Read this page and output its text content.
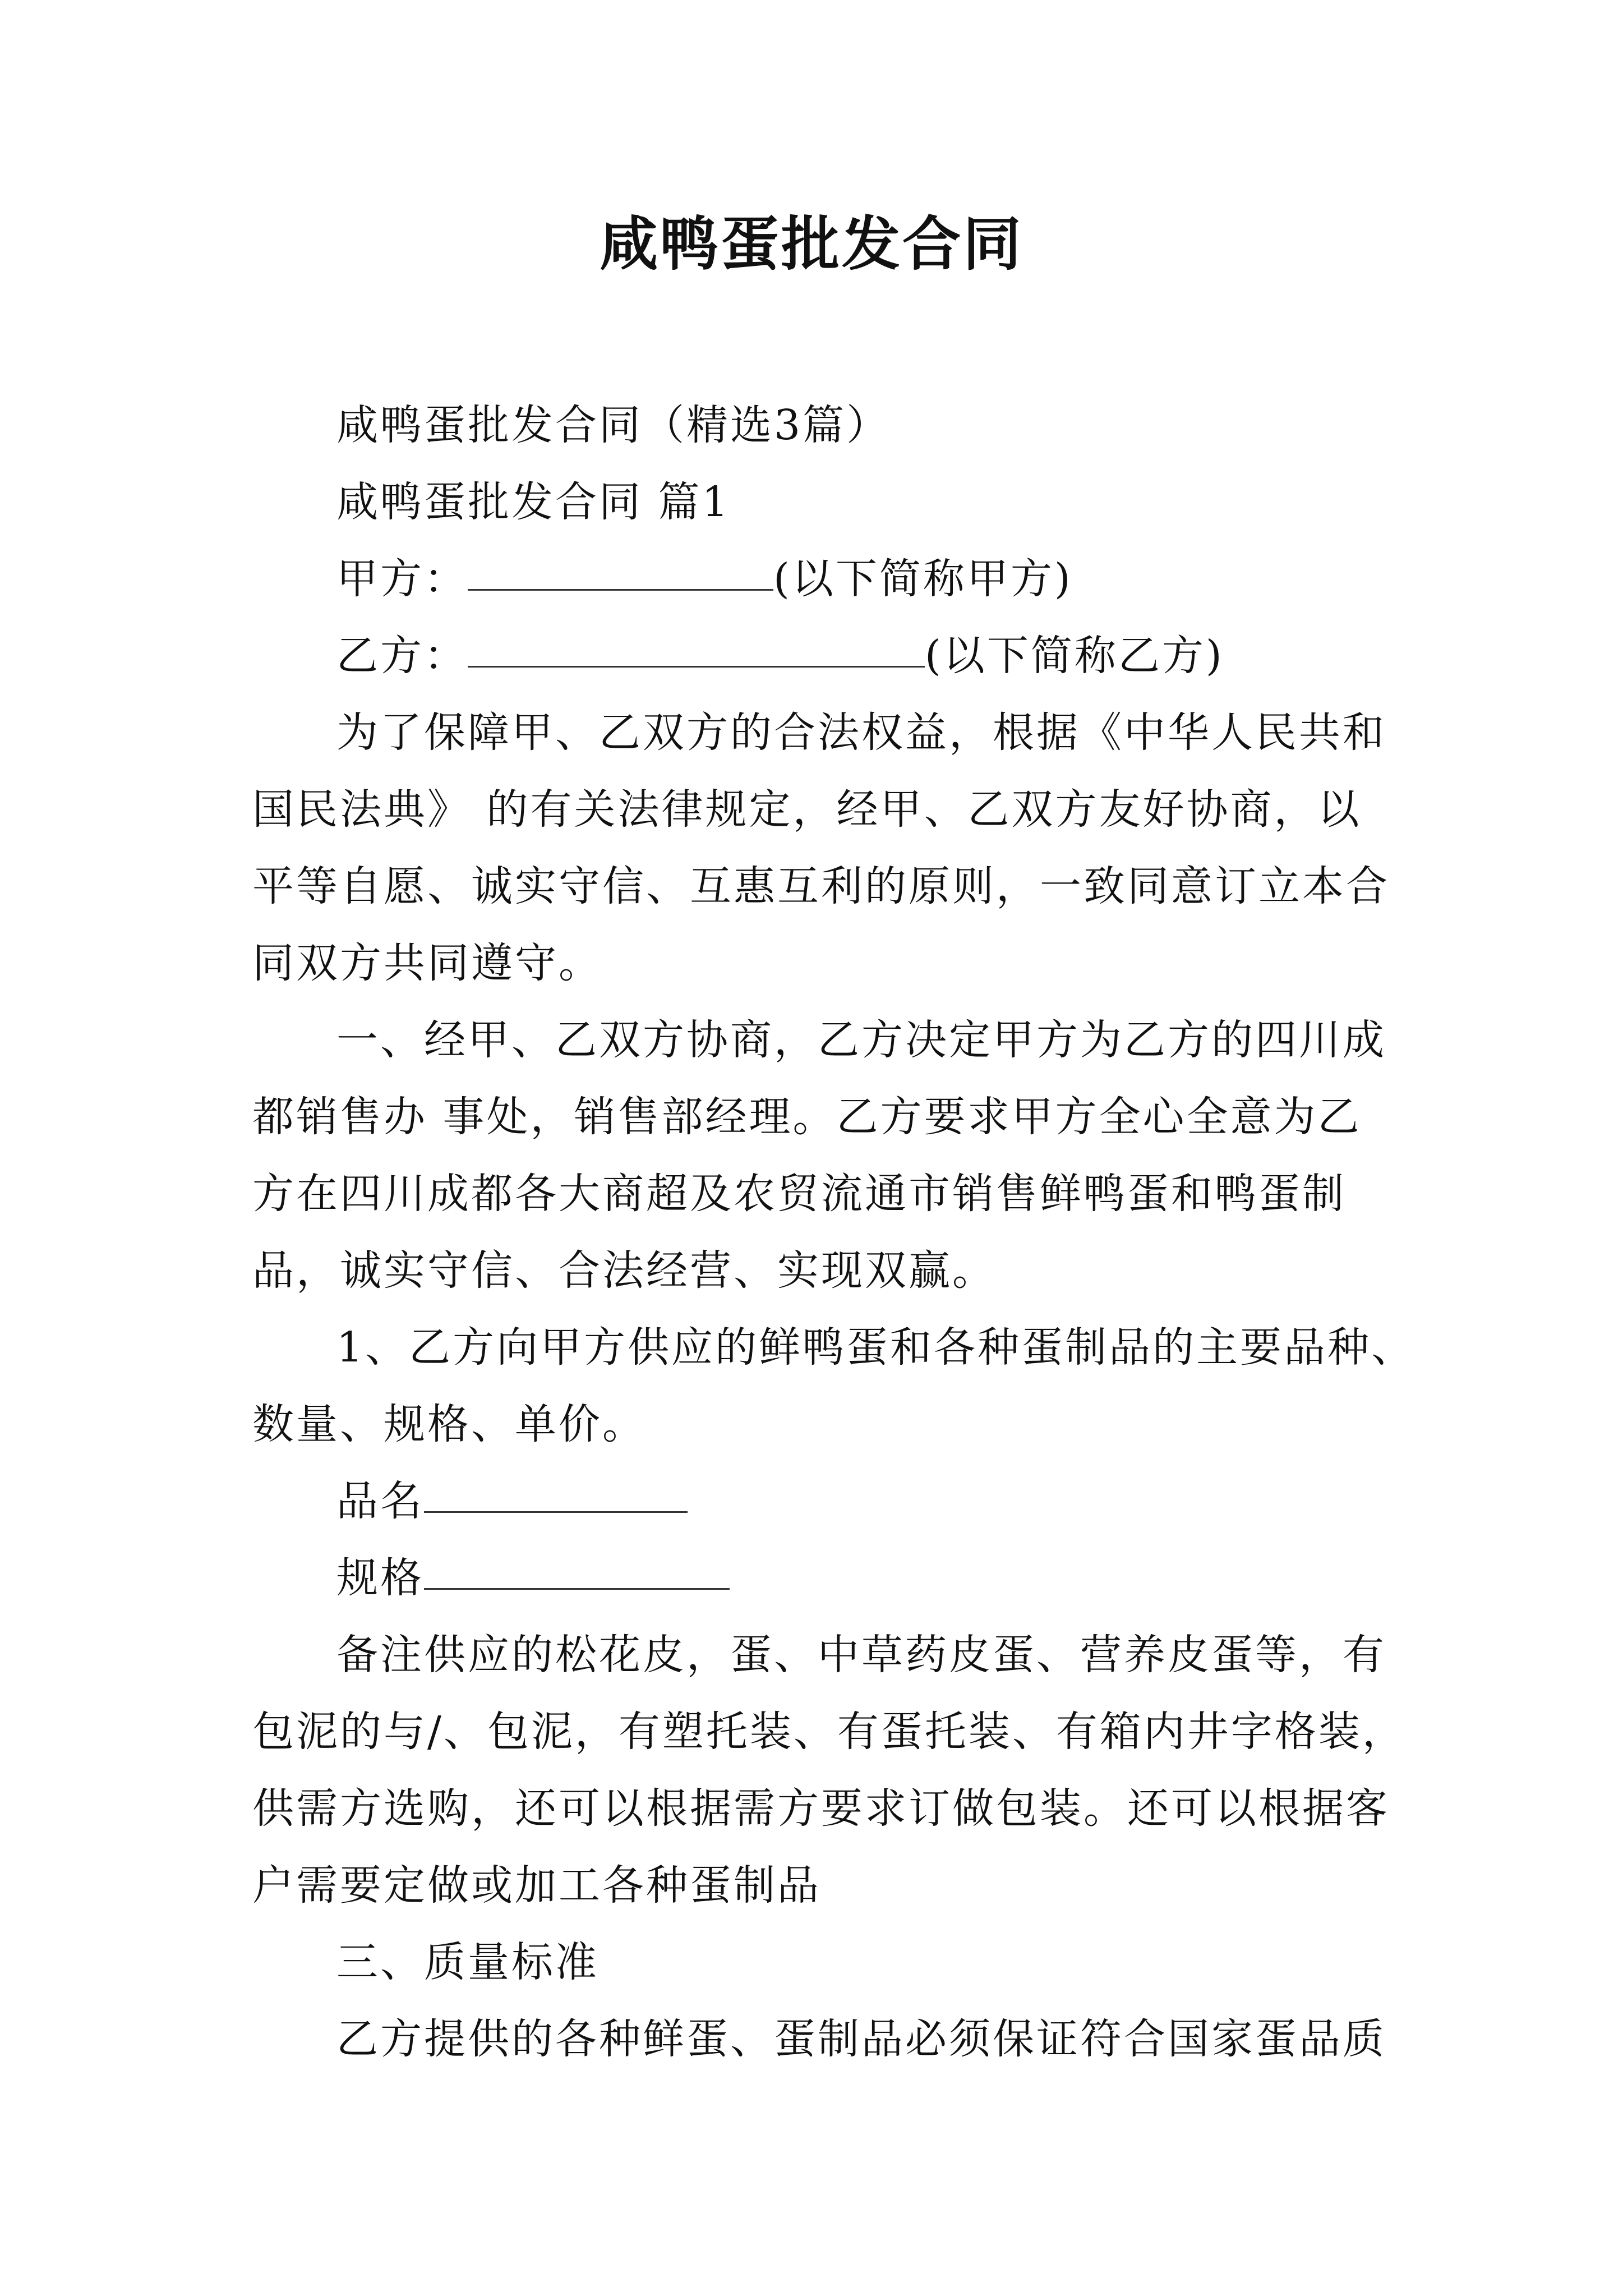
咸鸭蛋批发合同
咸鸭蛋批发合同（精选3篇）
咸鸭蛋批发合同 篇1
甲方：	(以下简称甲方)
乙方：	(以下简称乙方)
为了保障甲、乙双方的合法权益，根据《中华人民共和
国民法典》 的有关法律规定，经甲、乙双方友好协商，以
平等自愿、诚实守信、互惠互利的原则，一致同意订立本合
同双方共同遵守。
一、经甲、乙双方协商，乙方决定甲方为乙方的四川成
都销售办 事处，销售部经理。乙方要求甲方全心全意为乙
方在四川成都各大商超及农贸流通市销售鲜鸭蛋和鸭蛋制
品，诚实守信、合法经营、实现双赢。
1、乙方向甲方供应的鲜鸭蛋和各种蛋制品的主要品种、
数量、规格、单价。
品名
规格
备注供应的松花皮，蛋、中草药皮蛋、营养皮蛋等，有
包泥的与/、包泥，有塑托装、有蛋托装、有箱内井字格装，
供需方选购，还可以根据需方要求订做包装。还可以根据客
户需要定做或加工各种蛋制品
三、质量标准
乙方提供的各种鲜蛋、蛋制品必须保证符合国家蛋品质
